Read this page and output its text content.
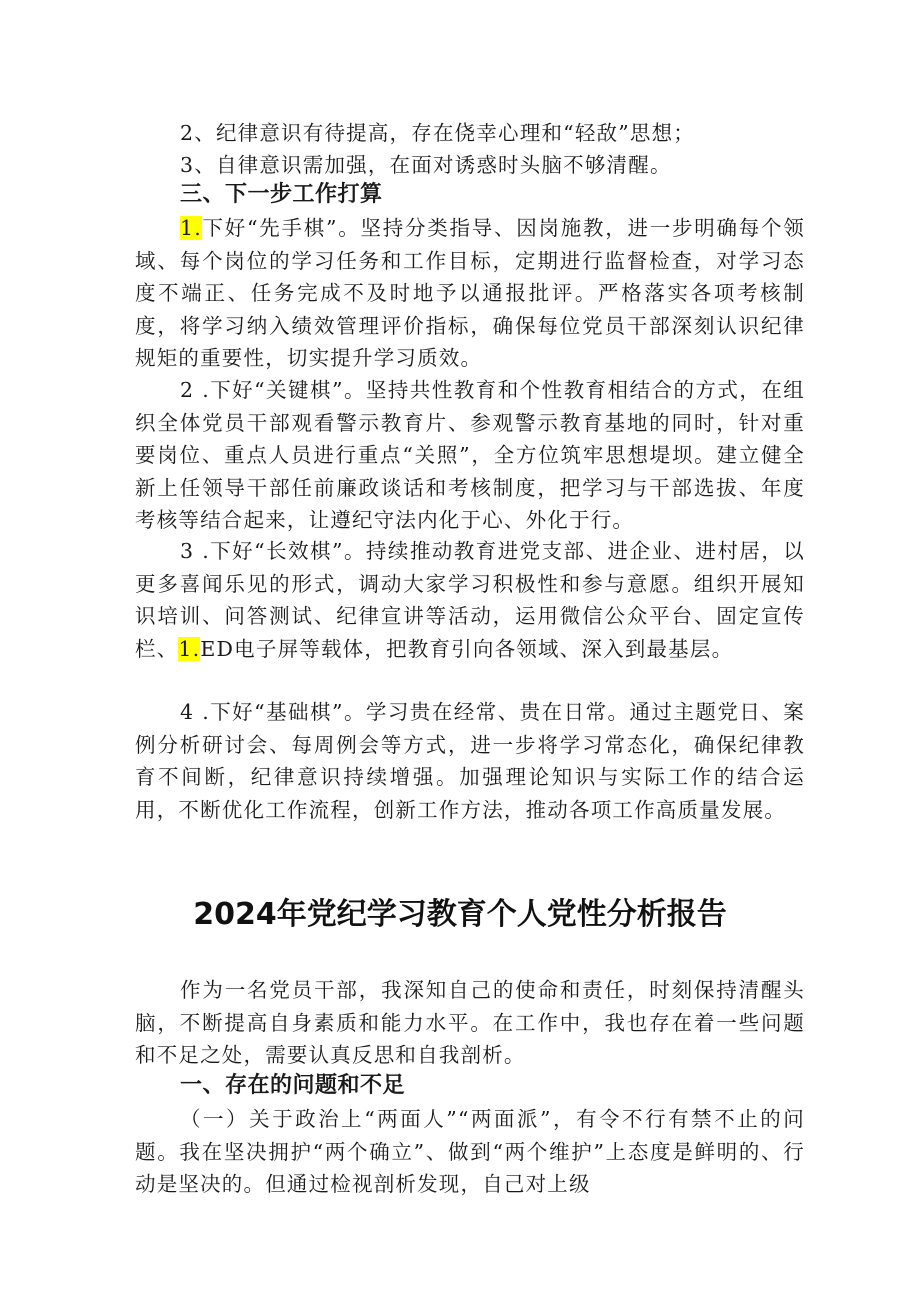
2、纪律意识有待提高，存在侥幸心理和“轻敌”思想；

3、自律意识需加强，在面对诱惑时头脑不够清醒。

三、下一步工作打算

1.下好“先手棋”。坚持分类指导、因岗施教，进一步明确每个领域、每个岗位的学习任务和工作目标，定期进行监督检查，对学习态度不端正、任务完成不及时地予以通报批评。严格落实各项考核制度，将学习纳入绩效管理评价指标，确保每位党员干部深刻认识纪律规矩的重要性，切实提升学习质效。

2 .下好“关键棋”。坚持共性教育和个性教育相结合的方式，在组织全体党员干部观看警示教育片、参观警示教育基地的同时，针对重要岗位、重点人员进行重点“关照”，全方位筑牢思想堤坝。建立健全新上任领导干部任前廉政谈话和考核制度，把学习与干部选拔、年度考核等结合起来，让遵纪守法内化于心、外化于行。

3 .下好“长效棋”。持续推动教育进党支部、进企业、进村居，以更多喜闻乐见的形式，调动大家学习积极性和参与意愿。组织开展知识培训、问答测试、纪律宣讲等活动，运用微信公众平台、固定宣传栏、1.ED电子屏等载体，把教育引向各领域、深入到最基层。

4 .下好“基础棋”。学习贵在经常、贵在日常。通过主题党日、案例分析研讨会、每周例会等方式，进一步将学习常态化，确保纪律教育不间断，纪律意识持续增强。加强理论知识与实际工作的结合运用，不断优化工作流程，创新工作方法，推动各项工作高质量发展。

2024年党纪学习教育个人党性分析报告

作为一名党员干部，我深知自己的使命和责任，时刻保持清醒头脑，不断提高自身素质和能力水平。在工作中，我也存在着一些问题和不足之处，需要认真反思和自我剖析。

一、存在的问题和不足

（一）关于政治上“两面人”“两面派”，有令不行有禁不止的问题。我在坚决拥护“两个确立”、做到“两个维护”上态度是鲜明的、行动是坚决的。但通过检视剖析发现，自己对上级
